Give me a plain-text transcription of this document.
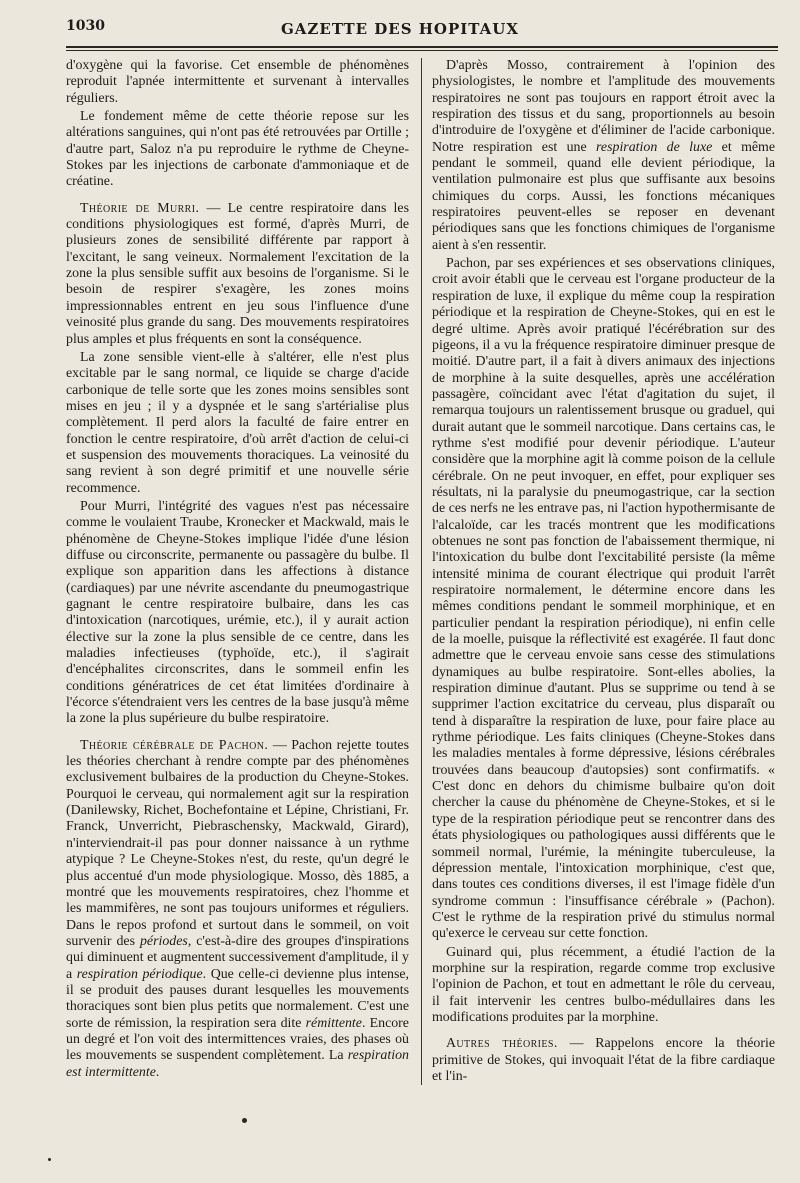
1030	GAZETTE DES HOPITAUX

d'oxygène qui la favorise. Cet ensemble de phénomènes reproduit l'apnée intermittente et survenant à intervalles réguliers.

Le fondement même de cette théorie repose sur les altérations sanguines, qui n'ont pas été retrouvées par Ortille ; d'autre part, Saloz n'a pu reproduire le rythme de Cheyne-Stokes par les injections de carbonate d'ammoniaque et de créatine.

Théorie de Murri. — Le centre respiratoire dans les conditions physiologiques est formé, d'après Murri, de plusieurs zones de sensibilité différente par rapport à l'excitant, le sang veineux. Normalement l'excitation de la zone la plus sensible suffit aux besoins de l'organisme. Si le besoin de respirer s'exagère, les zones moins impressionnables entrent en jeu sous l'influence d'une veinosité plus grande du sang. Des mouvements respiratoires plus amples et plus fréquents en sont la conséquence.

La zone sensible vient-elle à s'altérer, elle n'est plus excitable par le sang normal, ce liquide se charge d'acide carbonique de telle sorte que les zones moins sensibles sont mises en jeu ; il y a dyspnée et le sang s'artérialise plus complètement. Il perd alors la faculté de faire entrer en fonction le centre respiratoire, d'où arrêt d'action de celui-ci et suspension des mouvements thoraciques. La veinosité du sang revient à son degré primitif et une nouvelle série recommence.

Pour Murri, l'intégrité des vagues n'est pas nécessaire comme le voulaient Traube, Kronecker et Mackwald, mais le phénomène de Cheyne-Stokes implique l'idée d'une lésion diffuse ou circonscrite, permanente ou passagère du bulbe. Il explique son apparition dans les affections à distance (cardiaques) par une névrite ascendante du pneumogastrique gagnant le centre respiratoire bulbaire, dans les cas d'intoxication (narcotiques, urémie, etc.), il y aurait action élective sur la zone la plus sensible de ce centre, dans les maladies infectieuses (typhoïde, etc.), il s'agirait d'encéphalites circonscrites, dans le sommeil enfin les conditions génératrices de cet état limitées d'ordinaire à l'écorce s'étendraient vers les centres de la base jusqu'à même la zone la plus supérieure du bulbe respiratoire.

Théorie cérébrale de Pachon. — Pachon rejette toutes les théories cherchant à rendre compte par des phénomènes exclusivement bulbaires de la production du Cheyne-Stokes. Pourquoi le cerveau, qui normalement agit sur la respiration (Danilewsky, Richet, Bochefontaine et Lépine, Christiani, Fr. Franck, Unverricht, Piebraschensky, Mackwald, Girard), n'interviendrait-il pas pour donner naissance à un rythme atypique ? Le Cheyne-Stokes n'est, du reste, qu'un degré le plus accentué d'un mode physiologique. Mosso, dès 1885, a montré que les mouvements respiratoires, chez l'homme et les mammifères, ne sont pas toujours uniformes et réguliers. Dans le repos profond et surtout dans le sommeil, on voit survenir des périodes, c'est-à-dire des groupes d'inspirations qui diminuent et augmentent successivement d'amplitude, il y a respiration périodique. Que celle-ci devienne plus intense, il se produit des pauses durant lesquelles les mouvements thoraciques sont bien plus petits que normalement. C'est une sorte de rémission, la respiration sera dite rémittente. Encore un degré et l'on voit des intermittences vraies, des phases où les mouvements se suspendent complètement. La respiration est intermittente.

D'après Mosso, contrairement à l'opinion des physiologistes, le nombre et l'amplitude des mouvements respiratoires ne sont pas toujours en rapport étroit avec la respiration des tissus et du sang, proportionnels au besoin d'introduire de l'oxygène et d'éliminer de l'acide carbonique. Notre respiration est une respiration de luxe et même pendant le sommeil, quand elle devient périodique, la ventilation pulmonaire est plus que suffisante aux besoins chimiques du corps. Aussi, les fonctions mécaniques respiratoires peuvent-elles se reposer en devenant périodiques sans que les fonctions chimiques de l'organisme aient à s'en ressentir.

Pachon, par ses expériences et ses observations cliniques, croit avoir établi que le cerveau est l'organe producteur de la respiration de luxe, il explique du même coup la respiration périodique et la respiration de Cheyne-Stokes, qui en est le degré ultime. Après avoir pratiqué l'écérébration sur des pigeons, il a vu la fréquence respiratoire diminuer presque de moitié. D'autre part, il a fait à divers animaux des injections de morphine à la suite desquelles, après une accélération passagère, coïncidant avec l'état d'agitation du sujet, il remarqua toujours un ralentissement brusque ou graduel, qui durait autant que le sommeil narcotique. Dans certains cas, le rythme s'est modifié pour devenir périodique. L'auteur considère que la morphine agit là comme poison de la cellule cérébrale. On ne peut invoquer, en effet, pour expliquer ses résultats, ni la paralysie du pneumogastrique, car la section de ces nerfs ne les entrave pas, ni l'action hypothermisante de l'alcaloïde, car les tracés montrent que les modifications obtenues ne sont pas fonction de l'abaissement thermique, ni l'intoxication du bulbe dont l'excitabilité persiste (la même intensité minima de courant électrique qui produit l'arrêt respiratoire normalement, le détermine encore dans les mêmes conditions pendant le sommeil morphinique, et en particulier pendant la respiration périodique), ni enfin celle de la moelle, puisque la réflectivité est exagérée. Il faut donc admettre que le cerveau envoie sans cesse des stimulations dynamiques au bulbe respiratoire. Sont-elles abolies, la respiration diminue d'autant. Plus se supprime ou tend à se supprimer l'action excitatrice du cerveau, plus disparaît ou tend à disparaître la respiration de luxe, pour faire place au rythme périodique. Les faits cliniques (Cheyne-Stokes dans les maladies mentales à forme dépressive, lésions cérébrales trouvées dans beaucoup d'autopsies) sont confirmatifs. « C'est donc en dehors du chimisme bulbaire qu'on doit chercher la cause du phénomène de Cheyne-Stokes, et si le type de la respiration périodique peut se rencontrer dans des états physiologiques ou pathologiques aussi différents que le sommeil normal, l'urémie, la méningite tuberculeuse, la dépression mentale, l'intoxication morphinique, c'est que, dans toutes ces conditions diverses, il est l'image fidèle d'un syndrome commun : l'insuffisance cérébrale » (Pachon). C'est le rythme de la respiration privé du stimulus normal qu'exerce le cerveau sur cette fonction.

Guinard qui, plus récemment, a étudié l'action de la morphine sur la respiration, regarde comme trop exclusive l'opinion de Pachon, et tout en admettant le rôle du cerveau, il fait intervenir les centres bulbo-médullaires dans les modifications produites par la morphine.

Autres théories. — Rappelons encore la théorie primitive de Stokes, qui invoquait l'état de la fibre cardiaque et l'in-
